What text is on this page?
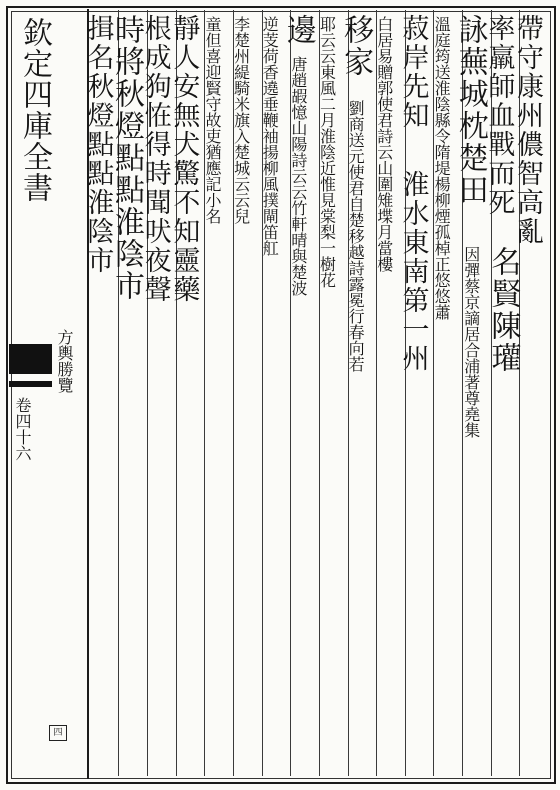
欽定四庫全書
方輿勝覽
卷四十六
四
帶守康州儂智高亂
率羸師血戰而死
名賢陳瓘
詠蕪城枕楚田
因彈蔡京謫居合浦著尊堯集
溫庭筠送淮陰縣令隋堤楊柳煙孤棹正悠悠蕭
菽岸先知
淮水東南第一州
白居易贈郭使君詩云山圍雉堞月當樓
移家
劉商送元使君自楚移越詩露冕行春向若
耶云云東風二月淮陰近惟見棠梨一樹花
邊
唐趙嘏憶山陽詩云云竹軒晴與楚波
逆芰荷香遶垂鞭袖揚柳風撲閘笛舡
李楚州緹騎米旗入楚城云云兒
童但喜迎賢守故吏猶應記小名
靜人安無犬驚不知靈藥
根成狗恠得時聞吠夜聲
時將秋燈點點淮陰市
揖名秋燈點點淮陰市
